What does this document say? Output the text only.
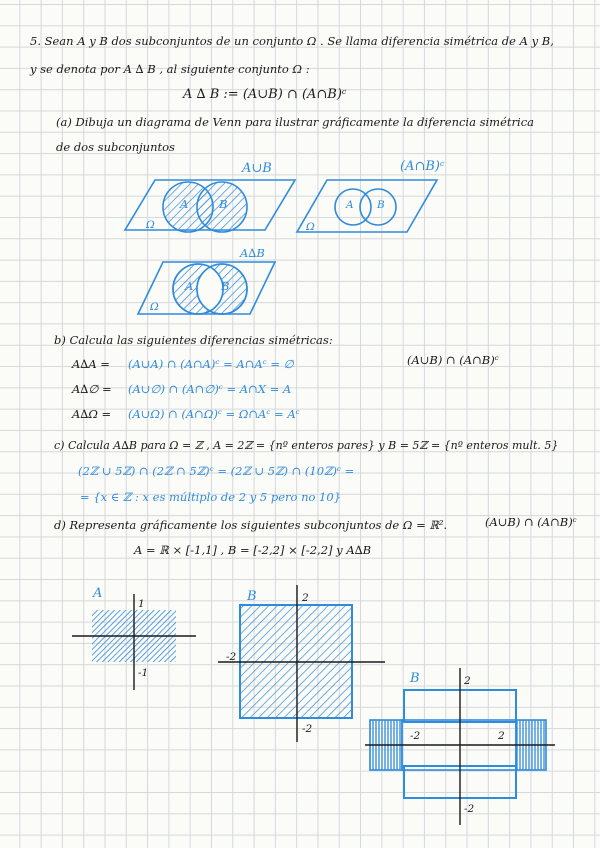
5. Sean A y B dos subconjuntos de un conjunto Ω . Se llama diferencia simétrica de A y B,
y se denota por A ∆ B , al siguiente conjunto Ω :
A ∆ B := (A∪B) ∩ (A∩B)ᶜ
(a) Dibuja un diagrama de Venn para ilustrar gráficamente la diferencia simétrica
de dos subconjuntos
A∪B	(A∩B)ᶜ
A∆B
A	B	A B
A B
Ω	Ω
Ω
b) Calcula las siguientes diferencias simétricas:
A∆A = (A∪A) ∩ (A∩A)ᶜ = A∩Aᶜ = ∅
A∆∅ = (A∪∅) ∩ (A∩∅)ᶜ = A∩X = A
A∆Ω = (A∪Ω) ∩ (A∩Ω)ᶜ = Ω∩Aᶜ = Aᶜ
(A∪B) ∩ (A∩B)ᶜ
c) Calcula A∆B para Ω = ℤ , A = 2ℤ = {nº enteros pares} y B = 5ℤ = {nº enteros mult. 5}
(2ℤ ∪ 5ℤ) ∩ (2ℤ ∩ 5ℤ)ᶜ = (2ℤ ∪ 5ℤ) ∩ (10ℤ)ᶜ =
= {x ∈ ℤ : x es múltiplo de 2 y 5 pero no 10}
d) Representa gráficamente los siguientes subconjuntos de Ω = ℝ².	(A∪B) ∩ (A∩B)ᶜ
A = ℝ × [-1,1] , B = [-2,2] × [-2,2] y A∆B
A
1
-1
B	2
-2
-2
B	2
-2	2
-2
